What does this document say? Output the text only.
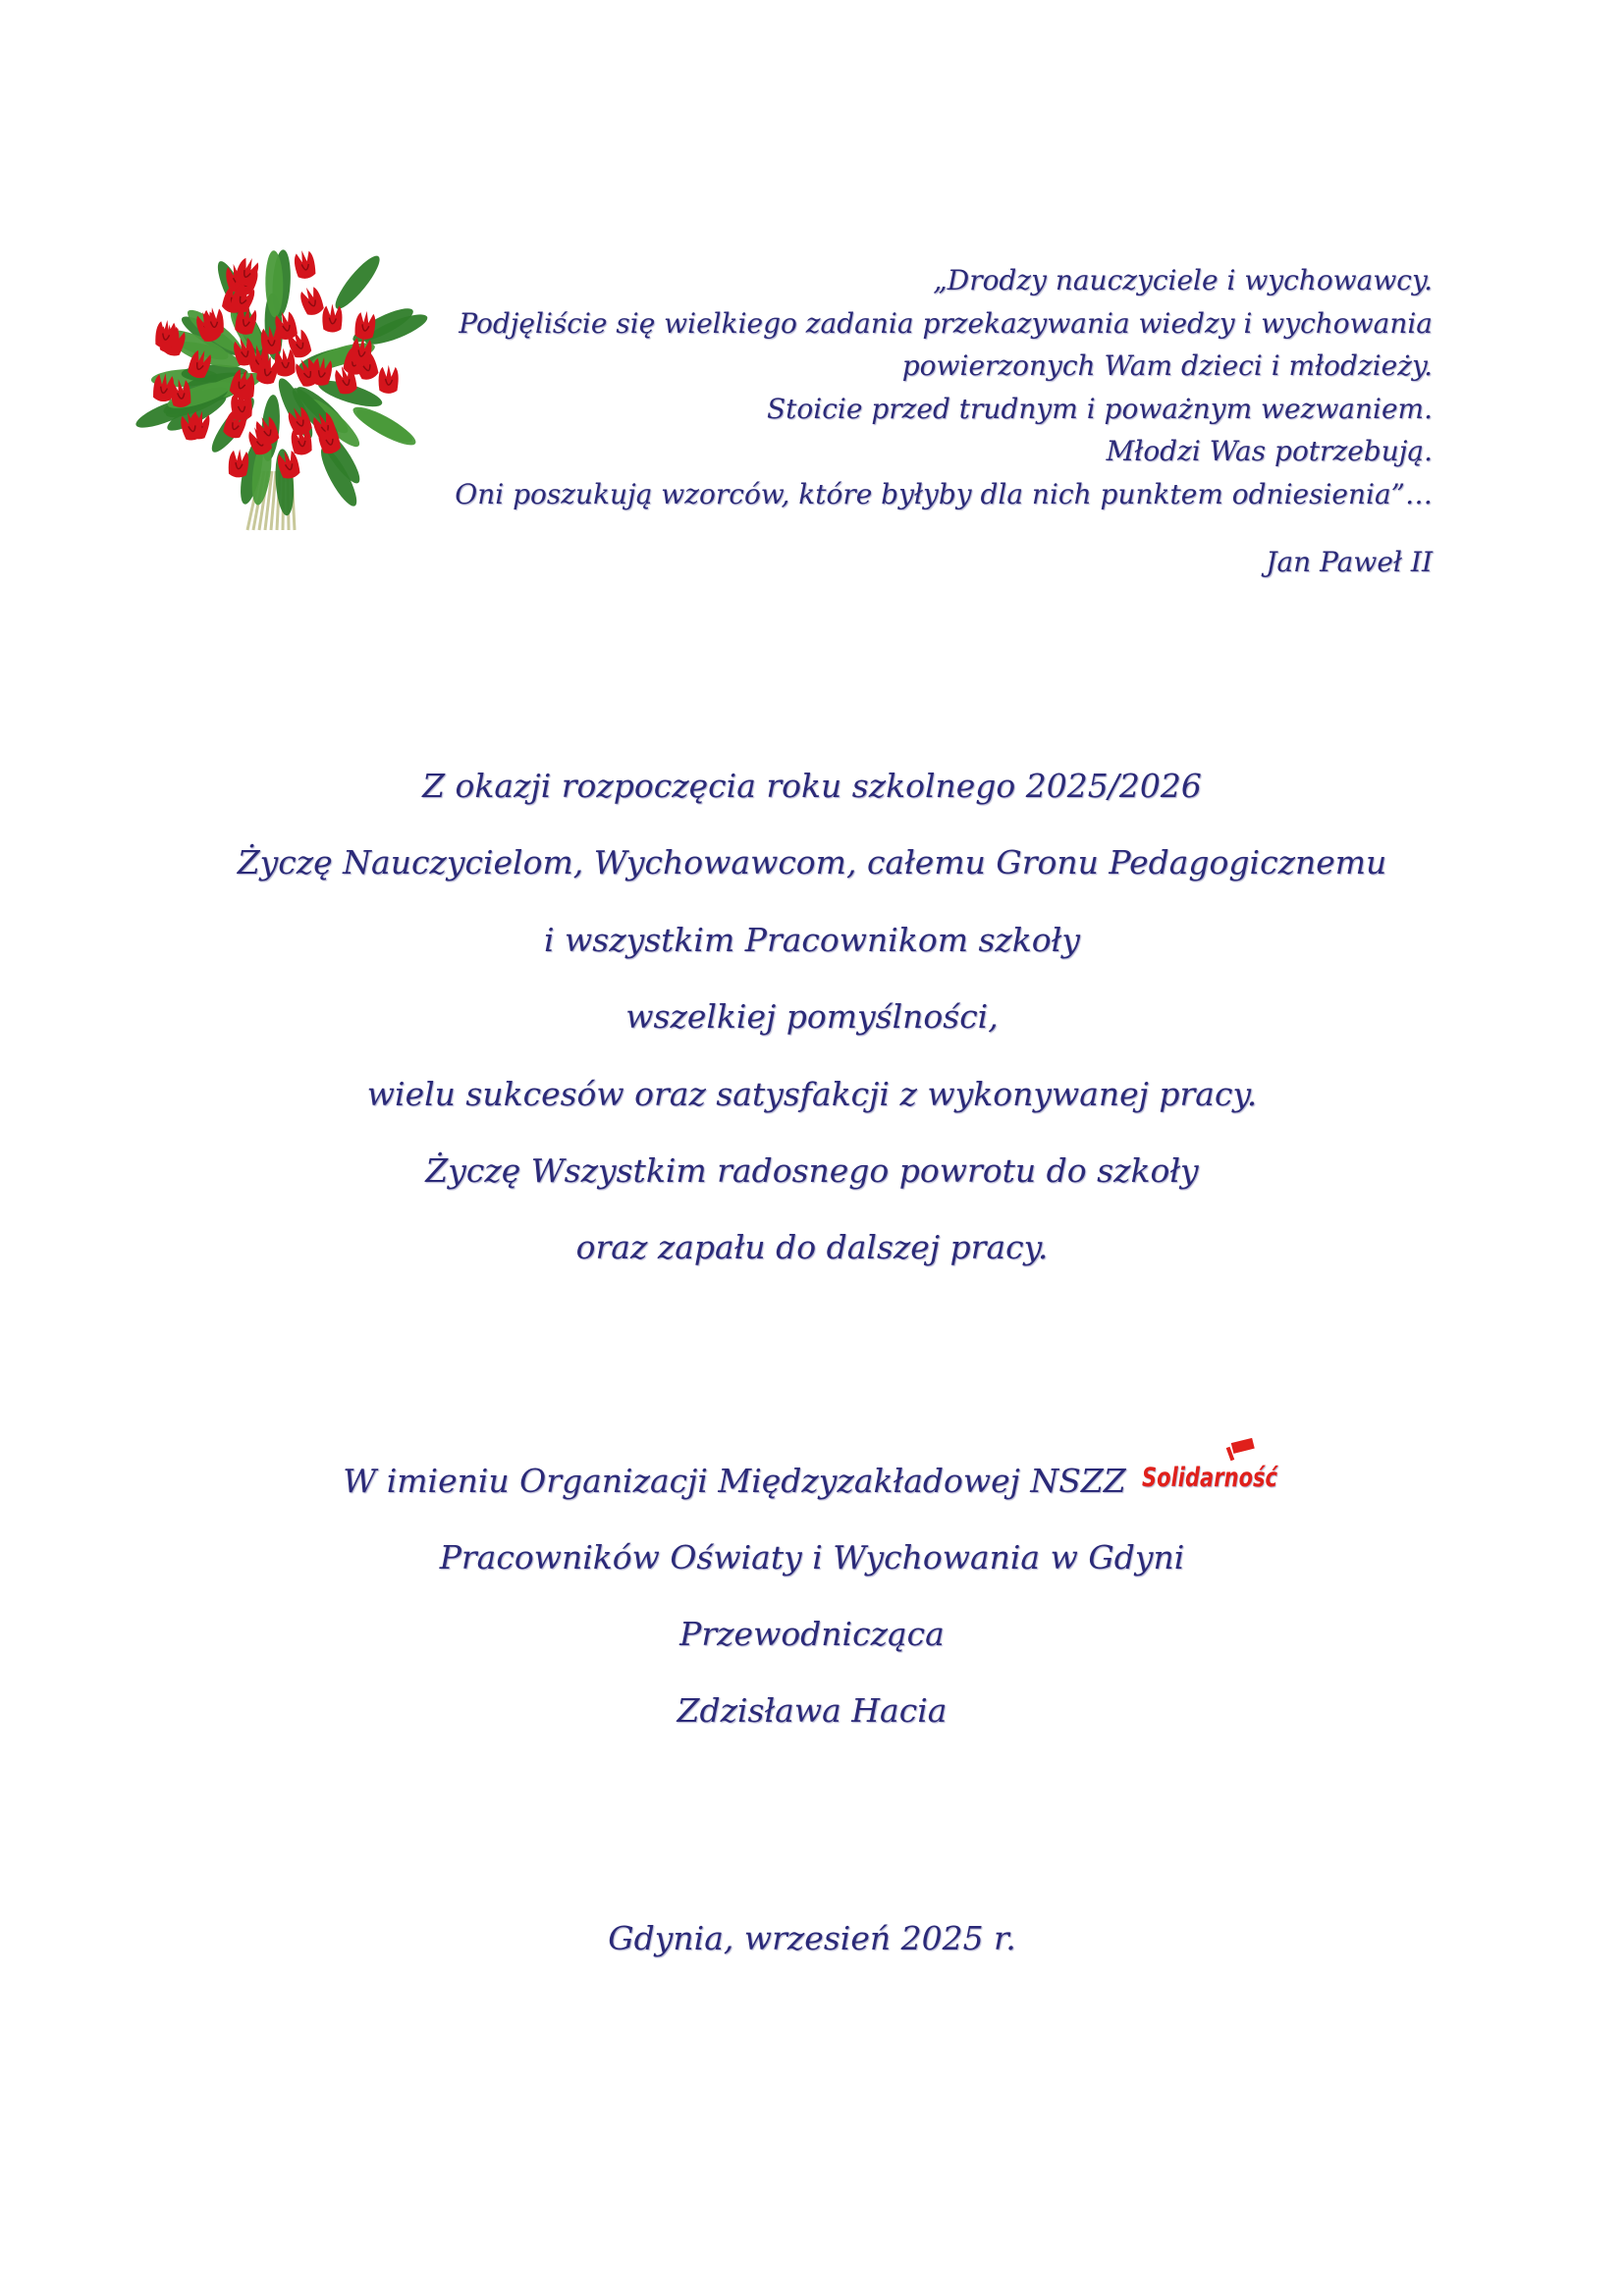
„Drodzy nauczyciele i wychowawcy.
Podjęliście się wielkiego zadania przekazywania wiedzy i wychowania
powierzonych Wam dzieci i młodzieży.
Stoicie przed trudnym i poważnym wezwaniem.
Młodzi Was potrzebują.
Oni poszukują wzorców, które byłyby dla nich punktem odniesienia”…
Jan Paweł II
Z okazji rozpoczęcia roku szkolnego 2025/2026
Życzę Nauczycielom, Wychowawcom, całemu Gronu Pedagogicznemu
i wszystkim Pracownikom szkoły
wszelkiej pomyślności,
wielu sukcesów oraz satysfakcji z wykonywanej pracy.
Życzę Wszystkim radosnego powrotu do szkoły
oraz zapału do dalszej pracy.
W imieniu Organizacji Międzyzakładowej NSZZ Solidarność
Pracowników Oświaty i Wychowania w Gdyni
Przewodnicząca
Zdzisława Hacia
Gdynia, wrzesień 2025 r.
